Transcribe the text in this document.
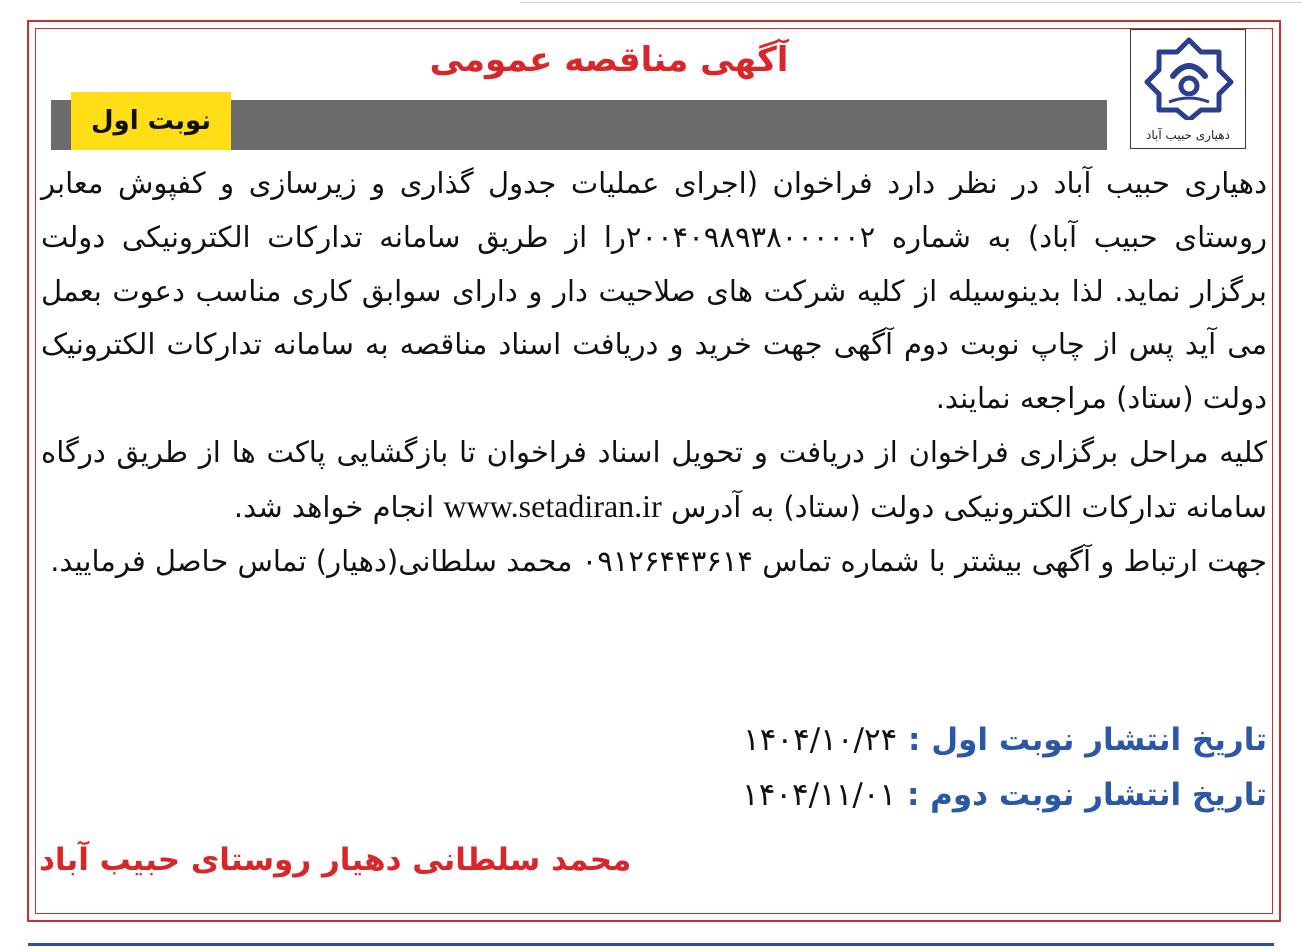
دهیاری حبیب آباد
آگهی مناقصه عمومی
نوبت اول

دهیاری حبیب آباد در نظر دارد فراخوان (اجرای عملیات جدول گذاری و زیرسازی و کفپوش معابر روستای حبیب آباد) به شماره ۲۰۰۴۰۹۸۹۳۸۰۰۰۰۰۲را از طریق سامانه تدارکات الکترونیکی دولت برگزار نماید. لذا بدینوسیله از کلیه شرکت های صلاحیت دار و دارای سوابق کاری مناسب دعوت بعمل می آید پس از چاپ نوبت دوم آگهی جهت خرید و دریافت اسناد مناقصه به سامانه تدارکات الکترونیک دولت (ستاد) مراجعه نمایند.

کلیه مراحل برگزاری فراخوان از دریافت و تحویل اسناد فراخوان تا بازگشایی پاکت ها از طریق درگاه سامانه تدارکات الکترونیکی دولت (ستاد) به آدرس www.setadiran.ir انجام خواهد شد.

جهت ارتباط و آگهی بیشتر با شماره تماس ۰۹۱۲۶۴۴۳۶۱۴ محمد سلطانی(دهیار) تماس حاصل فرمایید.

تاریخ انتشار نوبت اول : ۱۴۰۴/۱۰/۲۴
تاریخ انتشار نوبت دوم : ۱۴۰۴/۱۱/۰۱
محمد سلطانی دهیار روستای حبیب آباد
